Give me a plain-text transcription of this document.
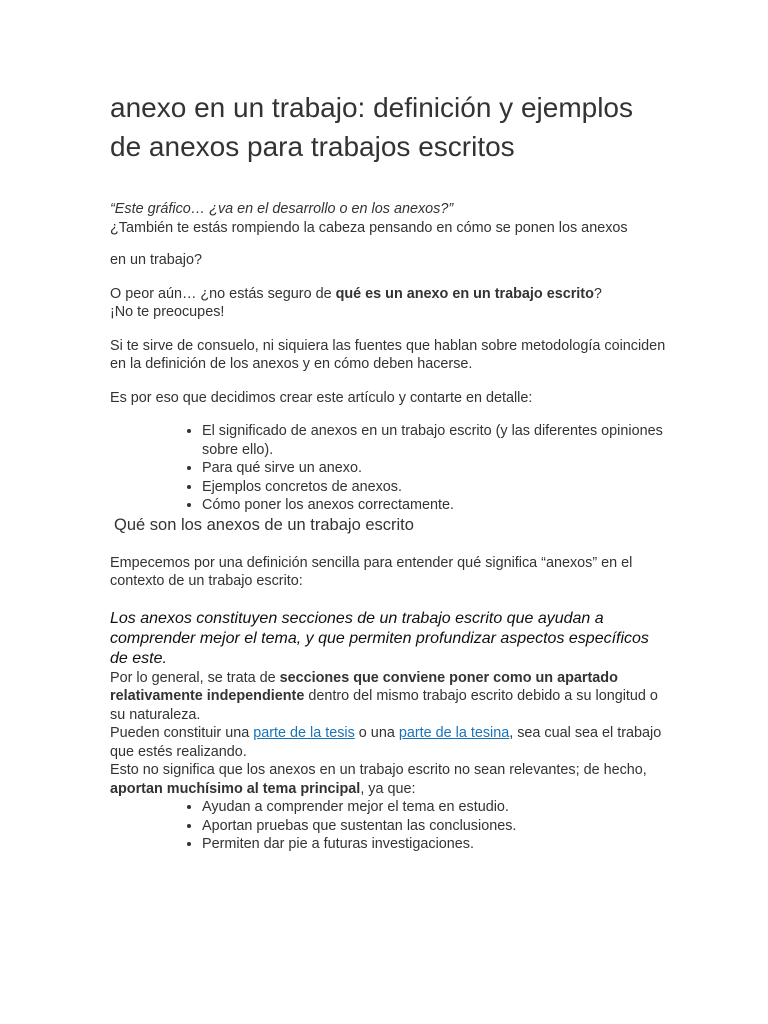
anexo en un trabajo: definición y ejemplos de anexos para trabajos escritos

“Este gráfico… ¿va en el desarrollo o en los anexos?”

¿También te estás rompiendo la cabeza pensando en cómo se ponen los anexos

en un trabajo?

O peor aún… ¿no estás seguro de qué es un anexo en un trabajo escrito?

¡No te preocupes!

Si te sirve de consuelo, ni siquiera las fuentes que hablan sobre metodología coinciden en la definición de los anexos y en cómo deben hacerse.

Es por eso que decidimos crear este artículo y contarte en detalle:

• El significado de anexos en un trabajo escrito (y las diferentes opiniones sobre ello).
• Para qué sirve un anexo.
• Ejemplos concretos de anexos.
• Cómo poner los anexos correctamente.
Qué son los anexos de un trabajo escrito

Empecemos por una definición sencilla para entender qué significa “anexos” en el contexto de un trabajo escrito:

Los anexos constituyen secciones de un trabajo escrito que ayudan a comprender mejor el tema, y que permiten profundizar aspectos específicos de este.

Por lo general, se trata de secciones que conviene poner como un apartado relativamente independiente dentro del mismo trabajo escrito debido a su longitud o su naturaleza.

Pueden constituir una parte de la tesis o una parte de la tesina, sea cual sea el trabajo que estés realizando.

Esto no significa que los anexos en un trabajo escrito no sean relevantes; de hecho, aportan muchísimo al tema principal, ya que:

• Ayudan a comprender mejor el tema en estudio.
• Aportan pruebas que sustentan las conclusiones.
• Permiten dar pie a futuras investigaciones.
